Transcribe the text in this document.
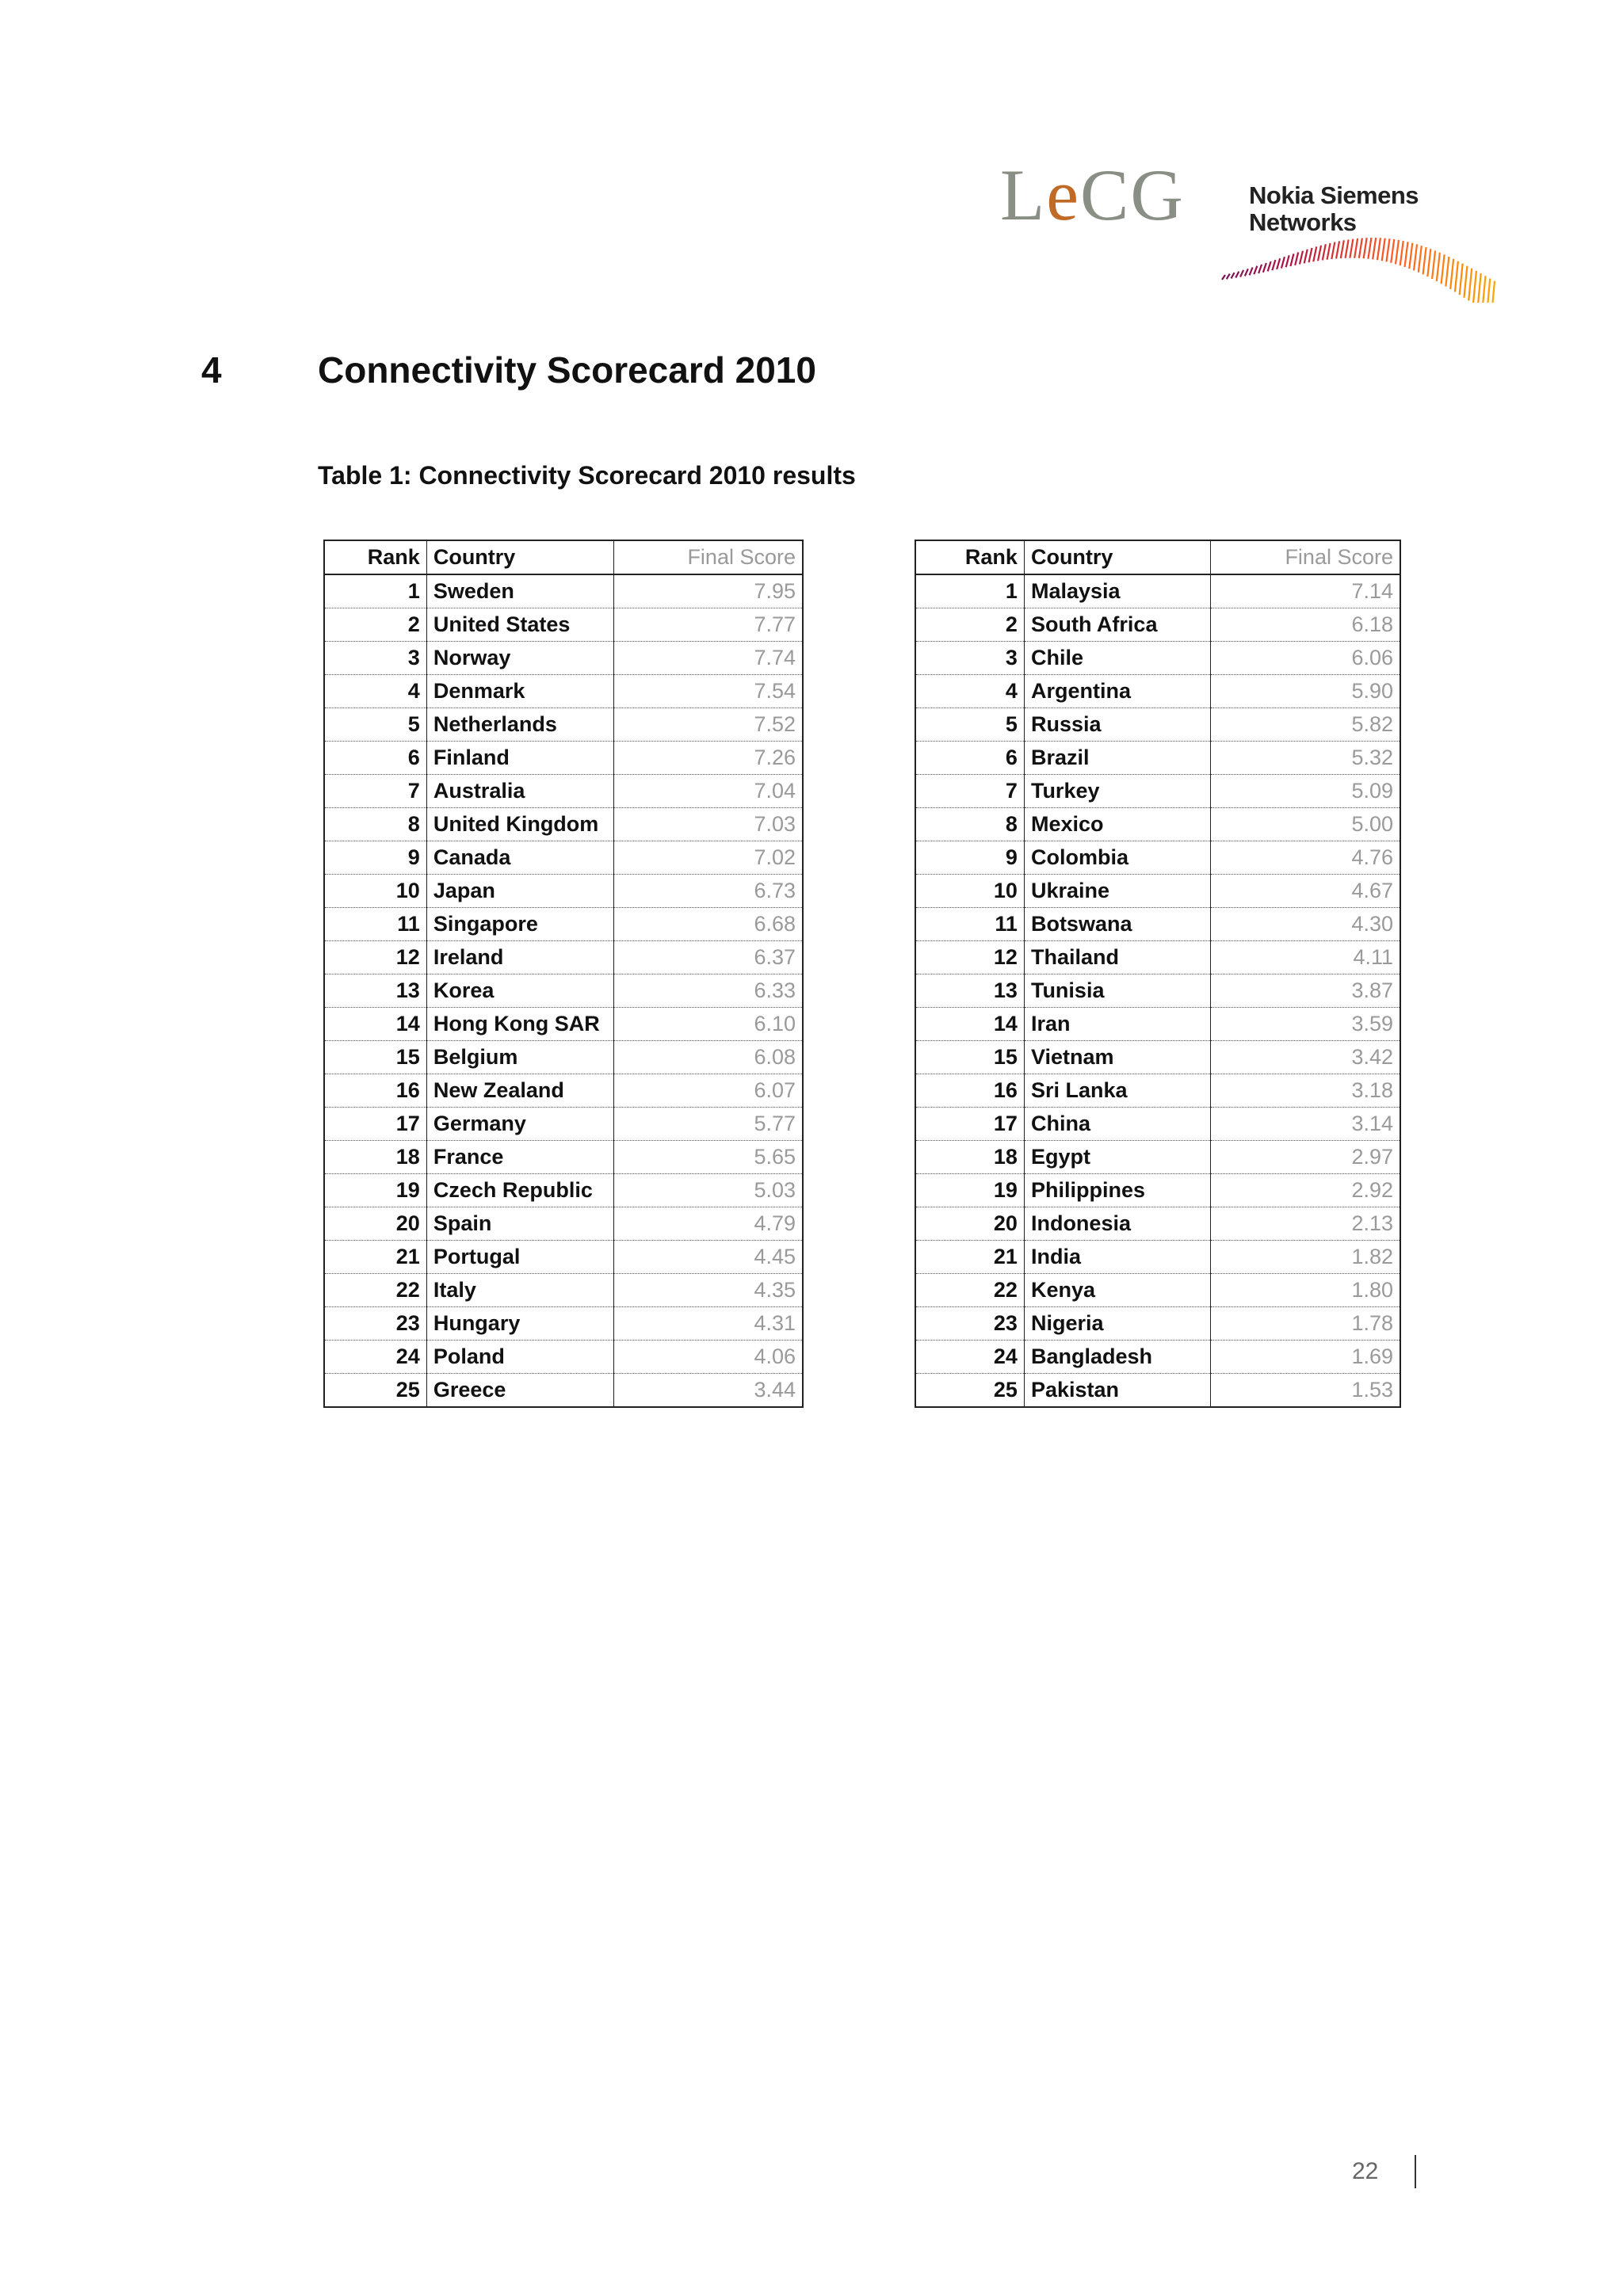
LeCG	Nokia Siemens
Networks
4	Connectivity Scorecard 2010
Table 1: Connectivity Scorecard 2010 results
Rank	Country	Final Score
1	Sweden	7.95
2	United States	7.77
3	Norway	7.74
4	Denmark	7.54
5	Netherlands	7.52
6	Finland	7.26
7	Australia	7.04
8	United Kingdom	7.03
9	Canada	7.02
10	Japan	6.73
11	Singapore	6.68
12	Ireland	6.37
13	Korea	6.33
14	Hong Kong SAR	6.10
15	Belgium	6.08
16	New Zealand	6.07
17	Germany	5.77
18	France	5.65
19	Czech Republic	5.03
20	Spain	4.79
21	Portugal	4.45
22	Italy	4.35
23	Hungary	4.31
24	Poland	4.06
25	Greece	3.44
Rank	Country	Final Score
1	Malaysia	7.14
2	South Africa	6.18
3	Chile	6.06
4	Argentina	5.90
5	Russia	5.82
6	Brazil	5.32
7	Turkey	5.09
8	Mexico	5.00
9	Colombia	4.76
10	Ukraine	4.67
11	Botswana	4.30
12	Thailand	4.11
13	Tunisia	3.87
14	Iran	3.59
15	Vietnam	3.42
16	Sri Lanka	3.18
17	China	3.14
18	Egypt	2.97
19	Philippines	2.92
20	Indonesia	2.13
21	India	1.82
22	Kenya	1.80
23	Nigeria	1.78
24	Bangladesh	1.69
25	Pakistan	1.53
22
